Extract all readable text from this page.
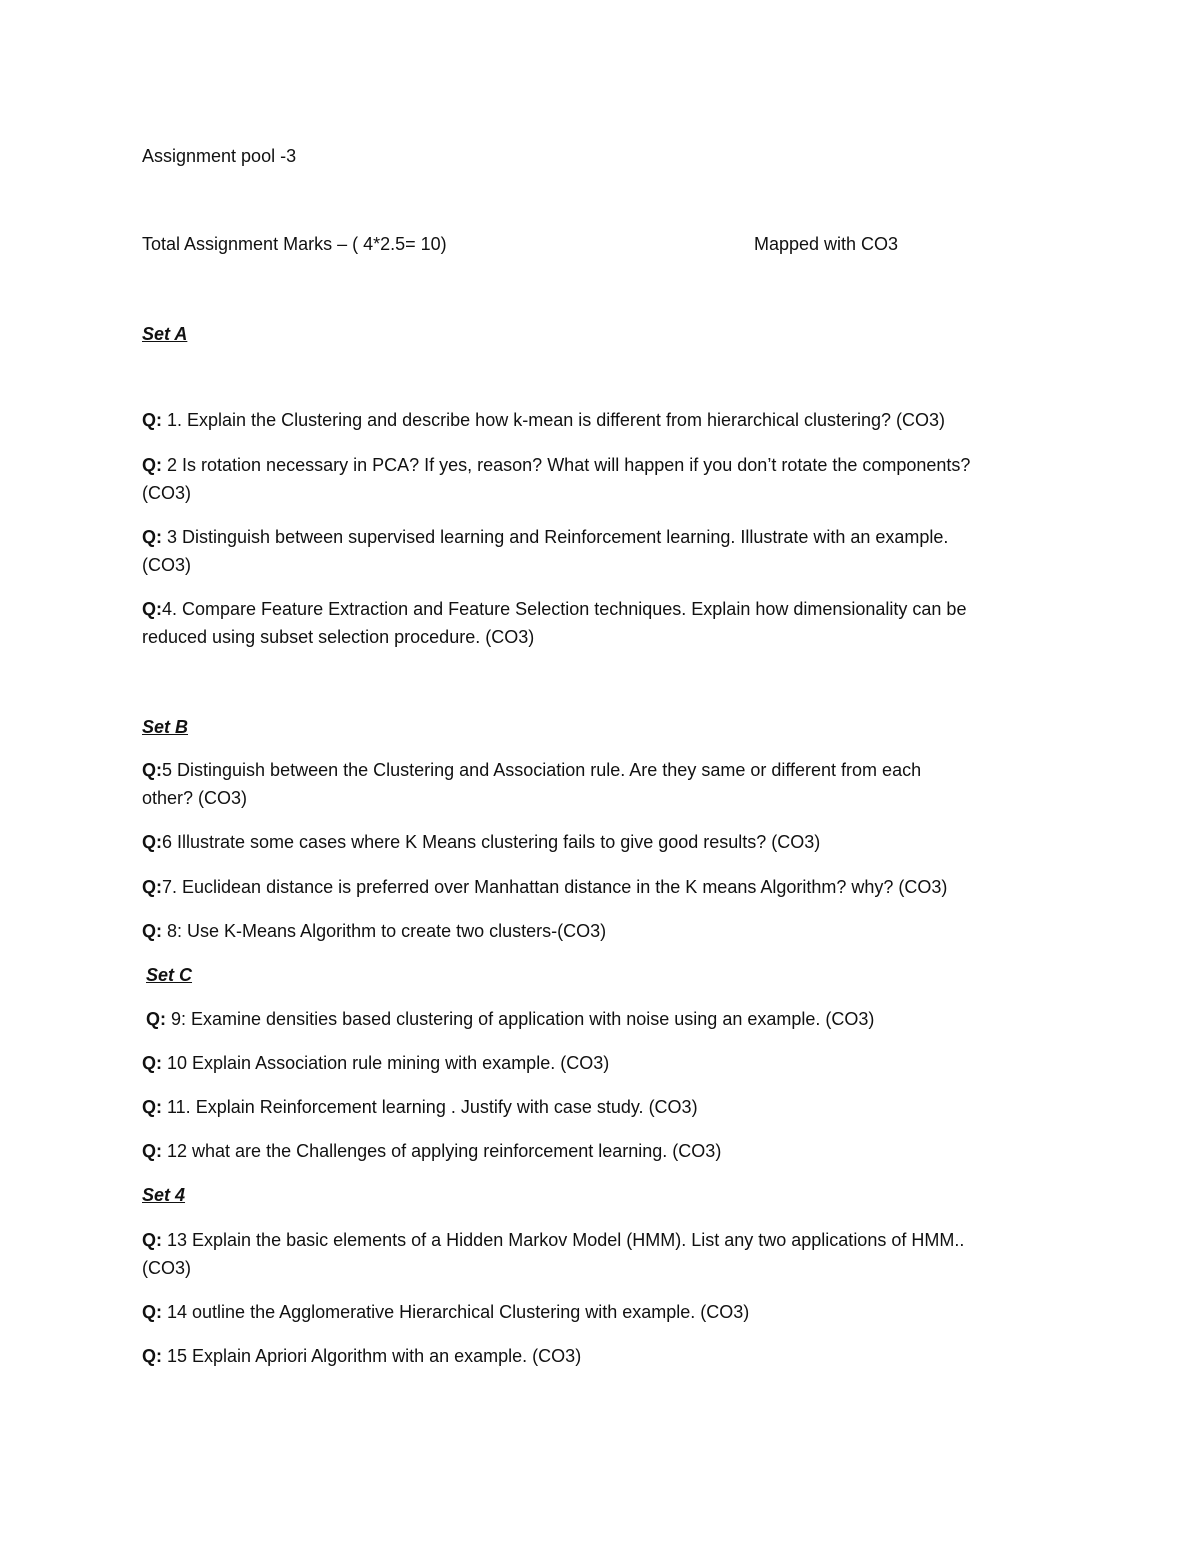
Assignment pool -3
Total Assignment Marks – ( 4*2.5= 10)	Mapped with CO3
Set A
Q: 1. Explain the Clustering and describe how k-mean is different from hierarchical clustering? (CO3)
Q: 2 Is rotation necessary in PCA? If yes, reason? What will happen if you don’t rotate the components?
(CO3)
Q: 3 Distinguish between supervised learning and Reinforcement learning. Illustrate with an example.
(CO3)
Q:4. Compare Feature Extraction and Feature Selection techniques. Explain how dimensionality can be
reduced using subset selection procedure. (CO3)
Set B
Q:5 Distinguish between the Clustering and Association rule. Are they same or different from each
other? (CO3)
Q:6 Illustrate some cases where K Means clustering fails to give good results? (CO3)
Q:7. Euclidean distance is preferred over Manhattan distance in the K means Algorithm? why? (CO3)
Q: 8: Use K-Means Algorithm to create two clusters-(CO3)
Set C
Q: 9: Examine densities based clustering of application with noise using an example. (CO3)
Q: 10 Explain Association rule mining with example. (CO3)
Q: 11. Explain Reinforcement learning . Justify with case study. (CO3)
Q: 12 what are the Challenges of applying reinforcement learning. (CO3)
Set 4
Q: 13 Explain the basic elements of a Hidden Markov Model (HMM). List any two applications of HMM..
(CO3)
Q: 14 outline the Agglomerative Hierarchical Clustering with example. (CO3)
Q: 15 Explain Apriori Algorithm with an example. (CO3)
